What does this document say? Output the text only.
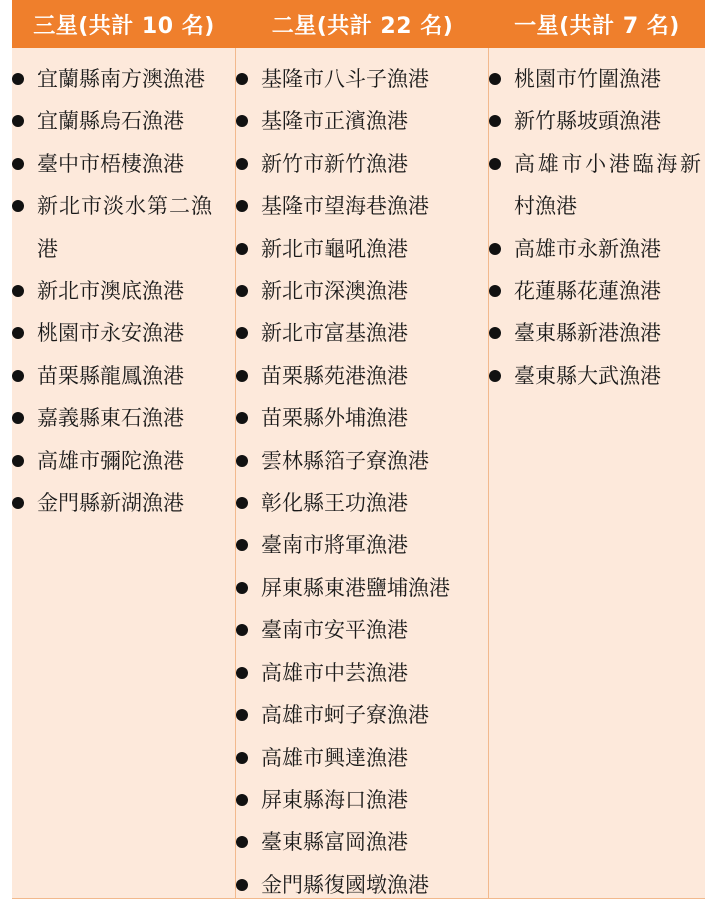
三星(共計 10 名)	二星(共計 22 名)	一星(共計 7 名)
宜蘭縣南方澳漁港
宜蘭縣烏石漁港
臺中市梧棲漁港
新北市淡水第二漁港
新北市澳底漁港
桃園市永安漁港
苗栗縣龍鳳漁港
嘉義縣東石漁港
高雄市彌陀漁港
金門縣新湖漁港
基隆市八斗子漁港
基隆市正濱漁港
新竹市新竹漁港
基隆市望海巷漁港
新北市龜吼漁港
新北市深澳漁港
新北市富基漁港
苗栗縣苑港漁港
苗栗縣外埔漁港
雲林縣箔子寮漁港
彰化縣王功漁港
臺南市將軍漁港
屏東縣東港鹽埔漁港
臺南市安平漁港
高雄市中芸漁港
高雄市蚵子寮漁港
高雄市興達漁港
屏東縣海口漁港
臺東縣富岡漁港
金門縣復國墩漁港
桃園市竹圍漁港
新竹縣坡頭漁港
高雄市小港臨海新村漁港
高雄市永新漁港
花蓮縣花蓮漁港
臺東縣新港漁港
臺東縣大武漁港
